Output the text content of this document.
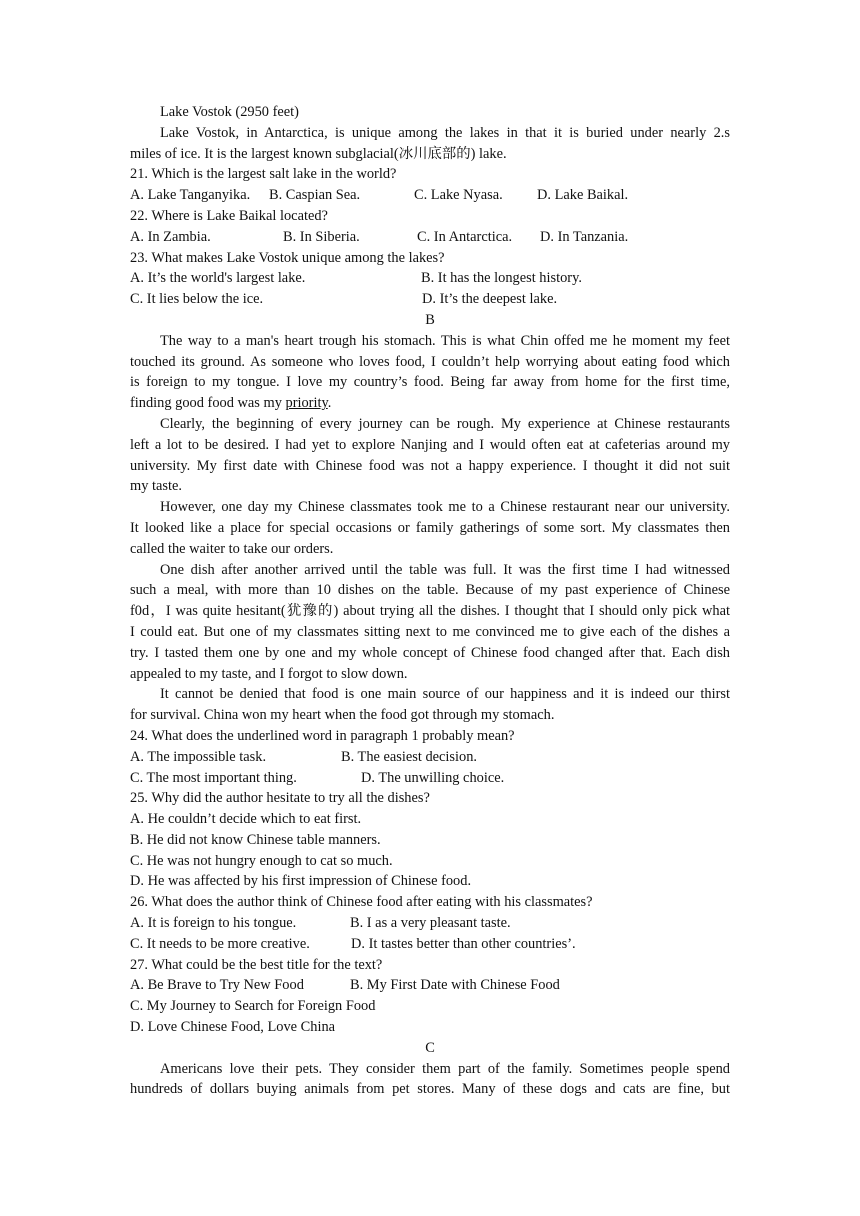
Lake Vostok (2950 feet)
Lake Vostok, in Antarctica, is unique among the lakes in that it is buried under nearly 2.s
miles of ice. It is the largest known subglacial(冰川底部的) lake.
21. Which is the largest salt lake in the world?
A. Lake Tanganyika.	B. Caspian Sea.	C. Lake Nyasa.	D. Lake Baikal.
22. Where is Lake Baikal located?
A. In Zambia.	B. In Siberia.	C. In Antarctica.	D. In Tanzania.
23. What makes Lake Vostok unique among the lakes?
A. It’s the world's largest lake.	B. It has the longest history.
C. It lies below the ice.	D. It’s the deepest lake.
B
The way to a man's heart trough his stomach. This is what Chin offed me he moment my feet
touched its ground. As someone who loves food, I couldn’t help worrying about eating food which
is foreign to my tongue. I love my country’s food. Being far away from home for the first time,
finding good food was my priority.
Clearly, the beginning of every journey can be rough. My experience at Chinese restaurants
left a lot to be desired. I had yet to explore Nanjing and I would often eat at cafeterias around my
university. My first date with Chinese food was not a happy experience. I thought it did not suit
my taste.
However, one day my Chinese classmates took me to a Chinese restaurant near our university.
It looked like a place for special occasions or family gatherings of some sort. My classmates then
called the waiter to take our orders.
One dish after another arrived until the table was full. It was the first time I had witnessed
such a meal, with more than 10 dishes on the table. Because of my past experience of Chinese
f0d，I was quite hesitant(犹豫的) about trying all the dishes. I thought that I should only pick what
I could eat. But one of my classmates sitting next to me convinced me to give each of the dishes a
try. I tasted them one by one and my whole concept of Chinese food changed after that. Each dish
appealed to my taste, and I forgot to slow down.
It cannot be denied that food is one main source of our happiness and it is indeed our thirst
for survival. China won my heart when the food got through my stomach.
24. What does the underlined word in paragraph 1 probably mean?
A. The impossible task.	B. The easiest decision.
C. The most important thing.	D. The unwilling choice.
25. Why did the author hesitate to try all the dishes?
A. He couldn’t decide which to eat first.
B. He did not know Chinese table manners.
C. He was not hungry enough to cat so much.
D. He was affected by his first impression of Chinese food.
26. What does the author think of Chinese food after eating with his classmates?
A. It is foreign to his tongue.	B. I as a very pleasant taste.
C. It needs to be more creative.	D. It tastes better than other countries’.
27. What could be the best title for the text?
A. Be Brave to Try New Food	B. My First Date with Chinese Food
C. My Journey to Search for Foreign Food
D. Love Chinese Food, Love China
C
Americans love their pets. They consider them part of the family. Sometimes people spend
hundreds of dollars buying animals from pet stores. Many of these dogs and cats are fine, but
